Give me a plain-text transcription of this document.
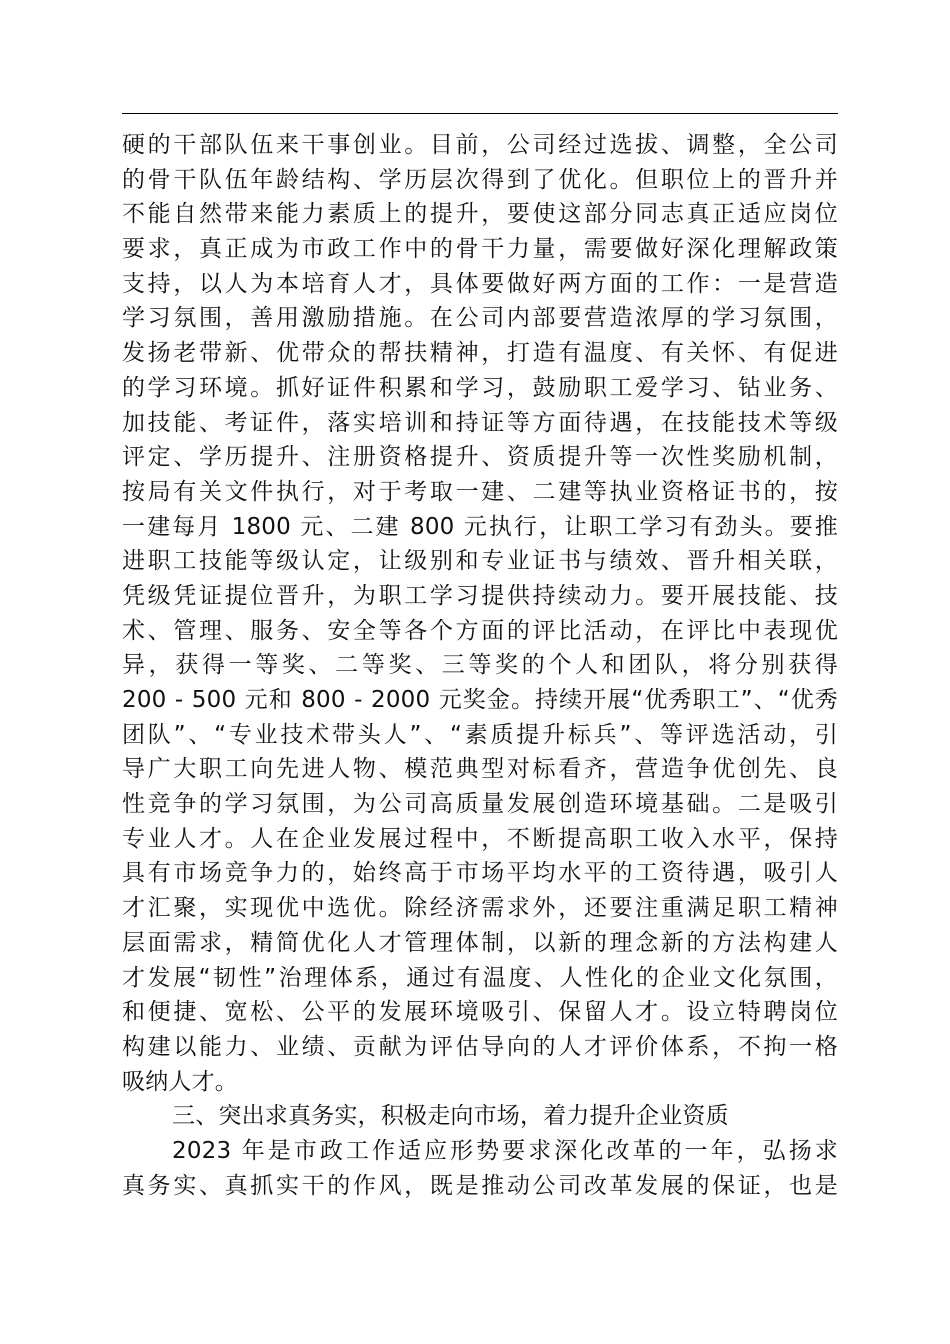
硬的干部队伍来干事创业。目前，公司经过选拔、调整，全公司
的骨干队伍年龄结构、学历层次得到了优化。但职位上的晋升并
不能自然带来能力素质上的提升，要使这部分同志真正适应岗位
要求，真正成为市政工作中的骨干力量，需要做好深化理解政策
支持，以人为本培育人才，具体要做好两方面的工作：一是营造
学习氛围，善用激励措施。在公司内部要营造浓厚的学习氛围，
发扬老带新、优带众的帮扶精神，打造有温度、有关怀、有促进
的学习环境。抓好证件积累和学习，鼓励职工爱学习、钻业务、
加技能、考证件，落实培训和持证等方面待遇，在技能技术等级
评定、学历提升、注册资格提升、资质提升等一次性奖励机制，
按局有关文件执行，对于考取一建、二建等执业资格证书的，按
一建每月 1800 元、二建 800 元执行，让职工学习有劲头。要推
进职工技能等级认定，让级别和专业证书与绩效、晋升相关联，
凭级凭证提位晋升，为职工学习提供持续动力。要开展技能、技
术、管理、服务、安全等各个方面的评比活动，在评比中表现优
异，获得一等奖、二等奖、三等奖的个人和团队，将分别获得
200 - 500 元和 800 - 2000 元奖金。持续开展“优秀职工”、“优秀
团队”、“专业技术带头人”、“素质提升标兵”、等评选活动，引
导广大职工向先进人物、模范典型对标看齐，营造争优创先、良
性竞争的学习氛围，为公司高质量发展创造环境基础。二是吸引
专业人才。人在企业发展过程中，不断提高职工收入水平，保持
具有市场竞争力的，始终高于市场平均水平的工资待遇，吸引人
才汇聚，实现优中选优。除经济需求外，还要注重满足职工精神
层面需求，精简优化人才管理体制，以新的理念新的方法构建人
才发展“韧性”治理体系，通过有温度、人性化的企业文化氛围，
和便捷、宽松、公平的发展环境吸引、保留人才。设立特聘岗位
构建以能力、业绩、贡献为评估导向的人才评价体系，不拘一格
吸纳人才。
三、突出求真务实，积极走向市场，着力提升企业资质
2023 年是市政工作适应形势要求深化改革的一年，弘扬求
真务实、真抓实干的作风，既是推动公司改革发展的保证，也是
